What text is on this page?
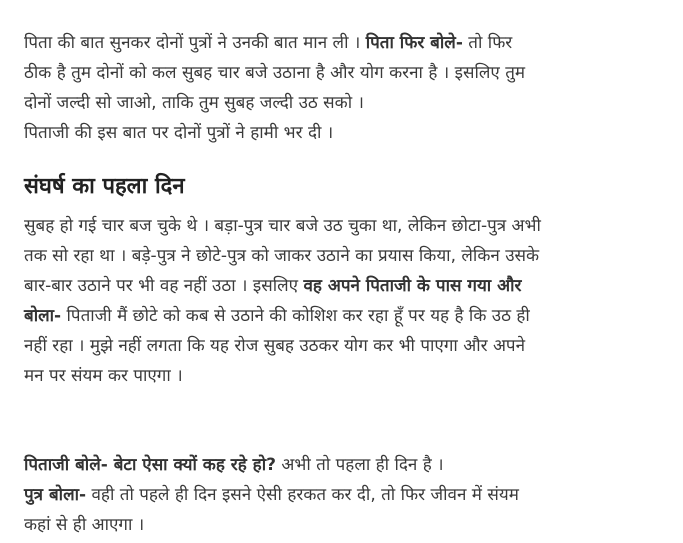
पिता की बात सुनकर दोनों पुत्रों ने उनकी बात मान ली । पिता फिर बोले- तो फिर
ठीक है तुम दोनों को कल सुबह चार बजे उठाना है और योग करना है । इसलिए तुम
दोनों जल्दी सो जाओ, ताकि तुम सुबह जल्दी उठ सको ।
पिताजी की इस बात पर दोनों पुत्रों ने हामी भर दी ।
संघर्ष का पहला दिन
सुबह हो गई चार बज चुके थे । बड़ा-पुत्र चार बजे उठ चुका था, लेकिन छोटा-पुत्र अभी
तक सो रहा था । बड़े-पुत्र ने छोटे-पुत्र को जाकर उठाने का प्रयास किया, लेकिन उसके
बार-बार उठाने पर भी वह नहीं उठा । इसलिए वह अपने पिताजी के पास गया और
बोला- पिताजी मैं छोटे को कब से उठाने की कोशिश कर रहा हूँ पर यह है कि उठ ही
नहीं रहा । मुझे नहीं लगता कि यह रोज सुबह उठकर योग कर भी पाएगा और अपने
मन पर संयम कर पाएगा ।
पिताजी बोले- बेटा ऐसा क्यों कह रहे हो? अभी तो पहला ही दिन है ।
पुत्र बोला- वही तो पहले ही दिन इसने ऐसी हरकत कर दी, तो फिर जीवन में संयम
कहां से ही आएगा ।
